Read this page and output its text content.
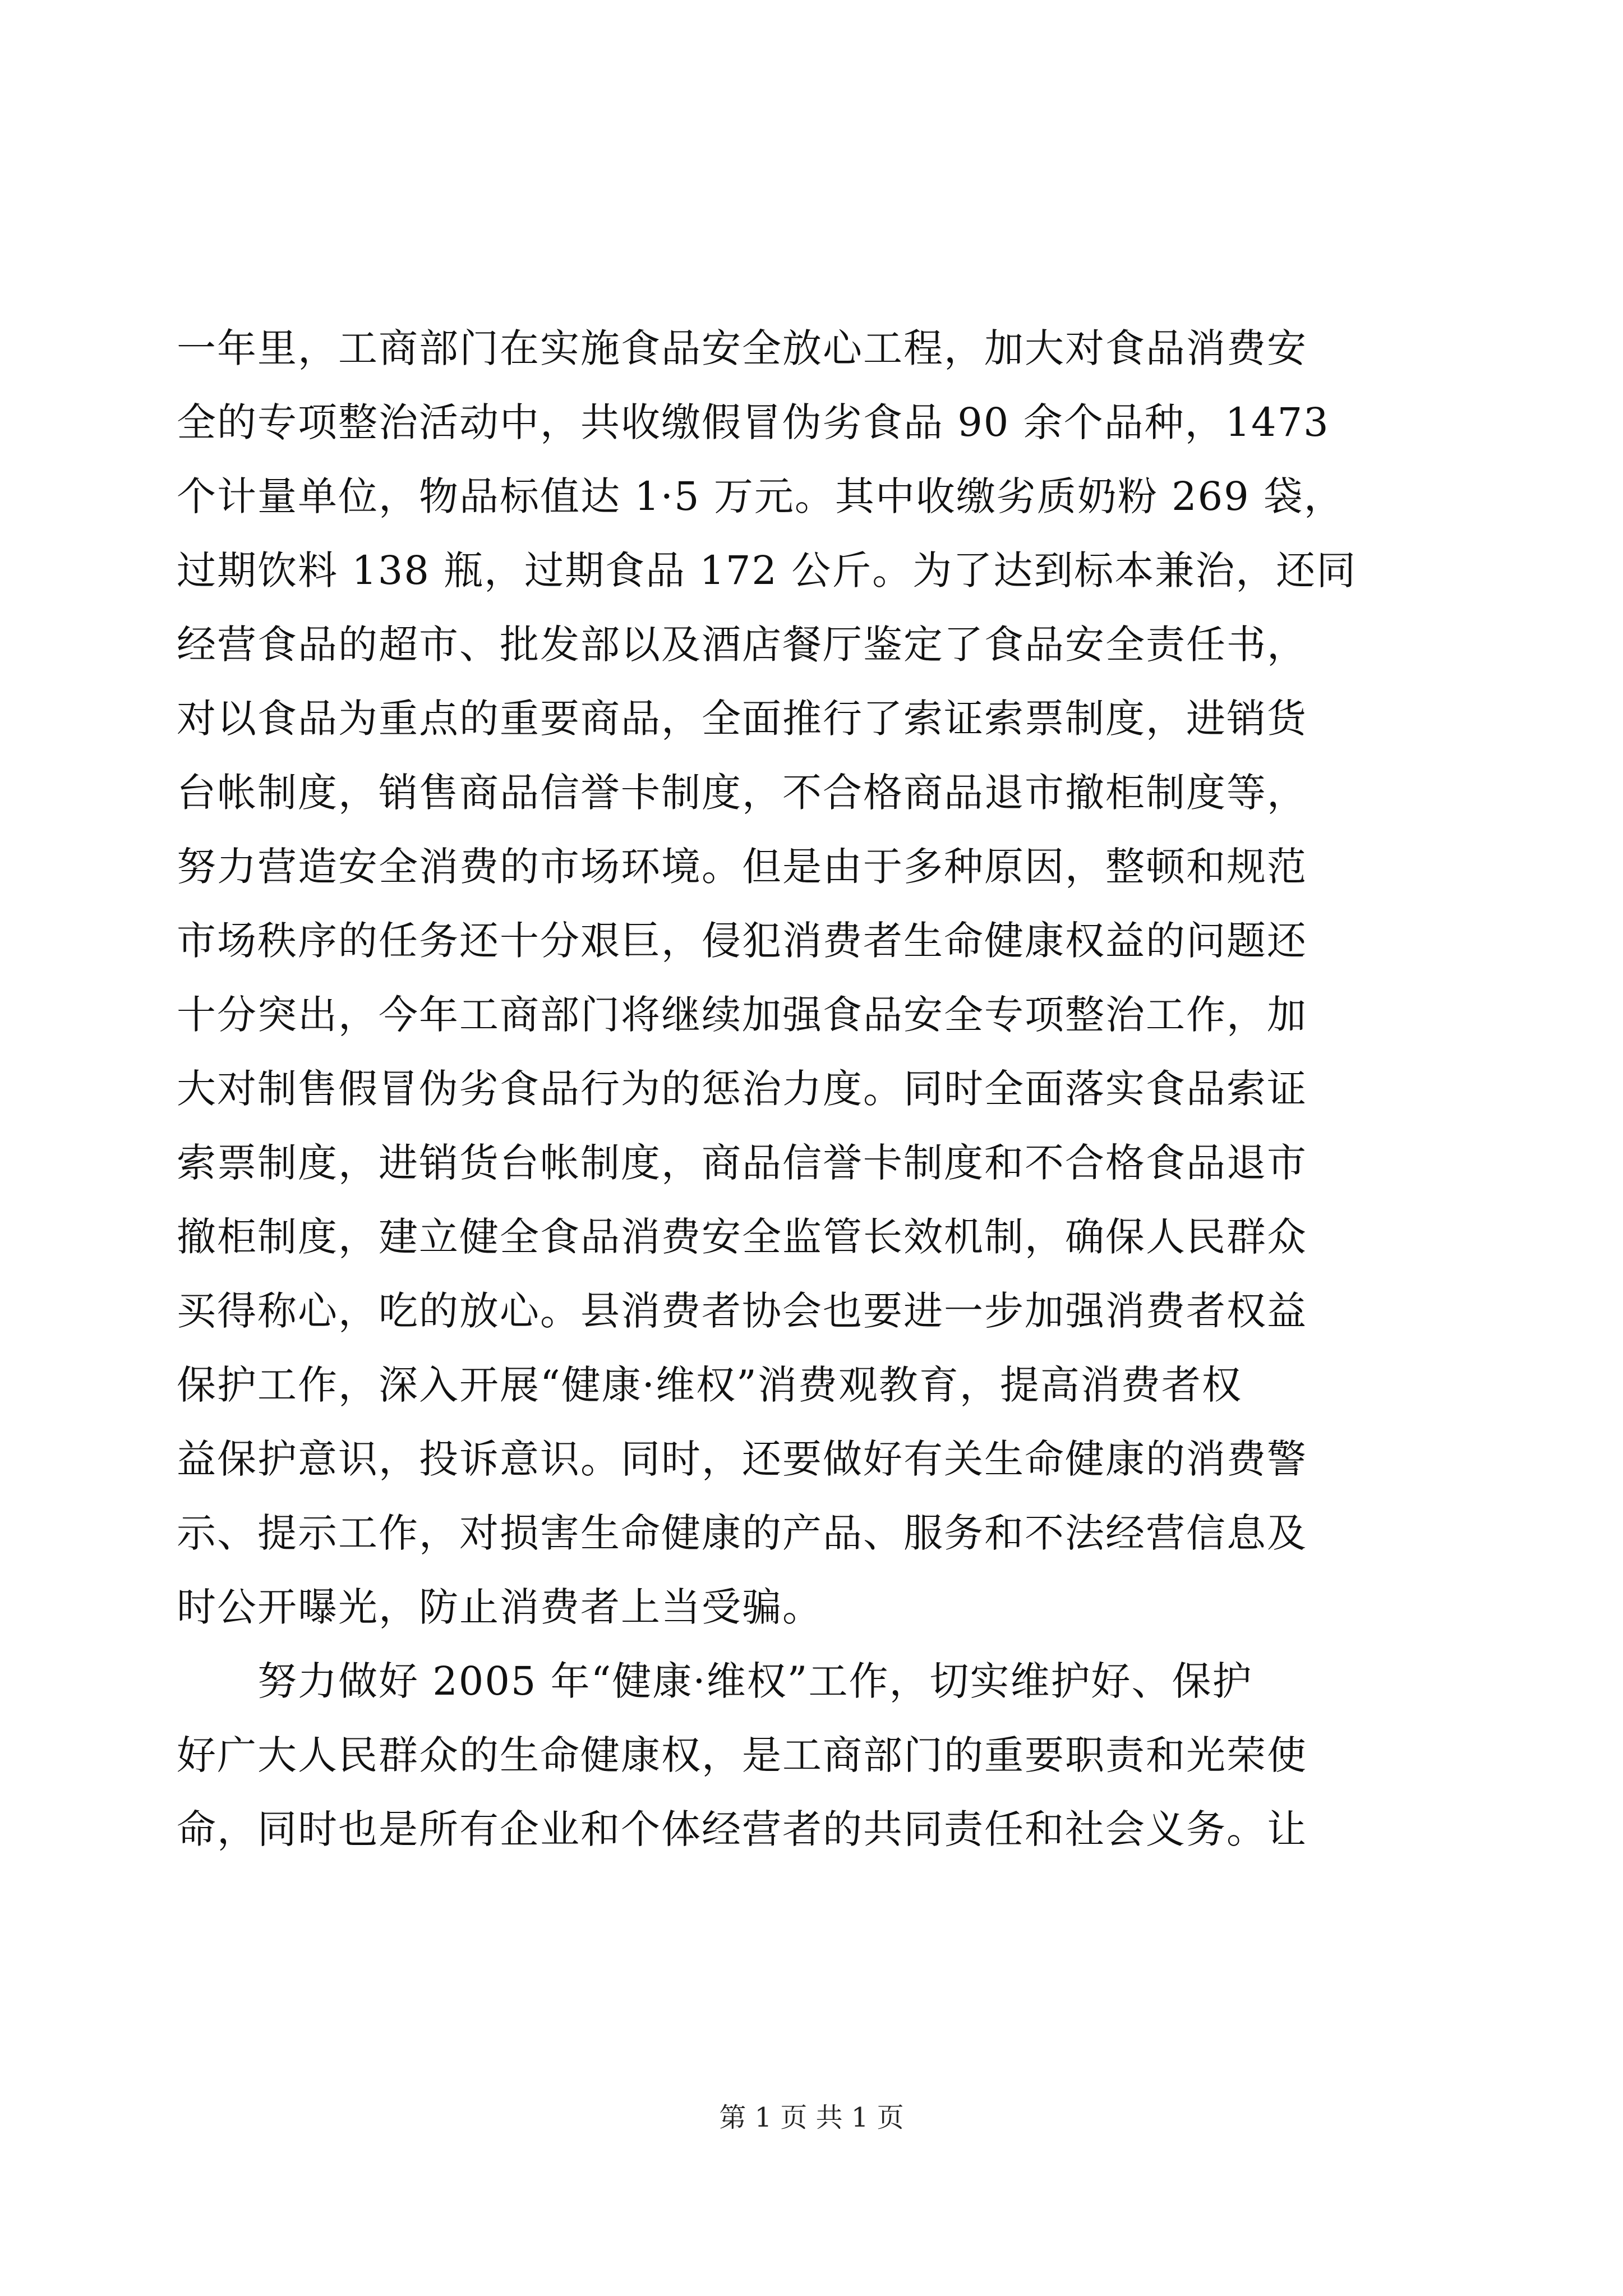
一年里，工商部门在实施食品安全放心工程，加大对食品消费安
全的专项整治活动中，共收缴假冒伪劣食品 90 余个品种，1473
个计量单位，物品标值达 1·5 万元。其中收缴劣质奶粉 269 袋，
过期饮料 138 瓶，过期食品 172 公斤。为了达到标本兼治，还同
经营食品的超市、批发部以及酒店餐厅鉴定了食品安全责任书，
对以食品为重点的重要商品，全面推行了索证索票制度，进销货
台帐制度，销售商品信誉卡制度，不合格商品退市撤柜制度等，
努力营造安全消费的市场环境。但是由于多种原因，整顿和规范
市场秩序的任务还十分艰巨，侵犯消费者生命健康权益的问题还
十分突出，今年工商部门将继续加强食品安全专项整治工作，加
大对制售假冒伪劣食品行为的惩治力度。同时全面落实食品索证
索票制度，进销货台帐制度，商品信誉卡制度和不合格食品退市
撤柜制度，建立健全食品消费安全监管长效机制，确保人民群众
买得称心，吃的放心。县消费者协会也要进一步加强消费者权益
保护工作，深入开展“健康·维权”消费观教育，提高消费者权
益保护意识，投诉意识。同时，还要做好有关生命健康的消费警
示、提示工作，对损害生命健康的产品、服务和不法经营信息及
时公开曝光，防止消费者上当受骗。
　　努力做好 2005 年“健康·维权”工作，切实维护好、保护
好广大人民群众的生命健康权，是工商部门的重要职责和光荣使
命，同时也是所有企业和个体经营者的共同责任和社会义务。让
第 1 页 共 1 页
